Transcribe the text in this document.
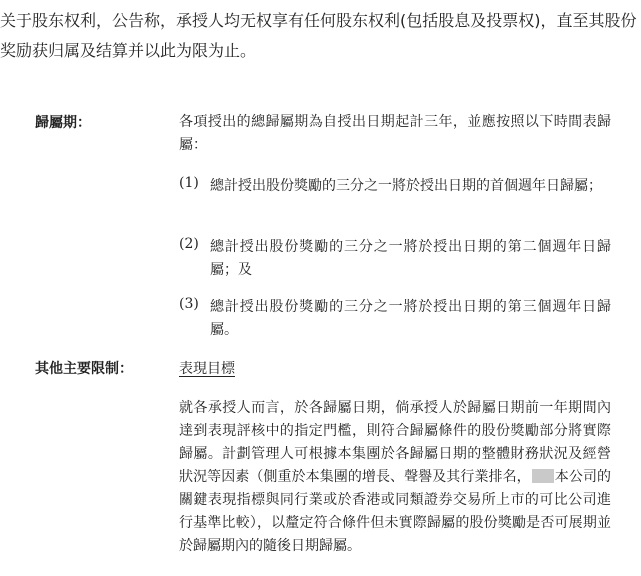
关于股东权利，公告称，承授人均无权享有任何股东权利(包括股息及投票权)，直至其股份奖励获归属及结算并以此为限为止。
歸屬期：	各項授出的總歸屬期為自授出日期起計三年，並應按照以下時間表歸屬：
(1) 總計授出股份獎勵的三分之一將於授出日期的首個週年日歸屬；
(2) 總計授出股份獎勵的三分之一將於授出日期的第二個週年日歸屬；及
(3) 總計授出股份獎勵的三分之一將於授出日期的第三個週年日歸屬。
其他主要限制：	表現目標
就各承授人而言，於各歸屬日期，倘承授人於歸屬日期前一年期間內達到表現評核中的指定門檻，則符合歸屬條件的股份獎勵部分將實際歸屬。計劃管理人可根據本集團於各歸屬日期的整體財務狀況及經營狀況等因素（側重於本集團的增長、聲譽及其行業排名， 本公司的關鍵表現指標與同行業或於香港或同類證券交易所上市的可比公司進行基準比較），以釐定符合條件但未實際歸屬的股份獎勵是否可展期並於歸屬期內的隨後日期歸屬。
